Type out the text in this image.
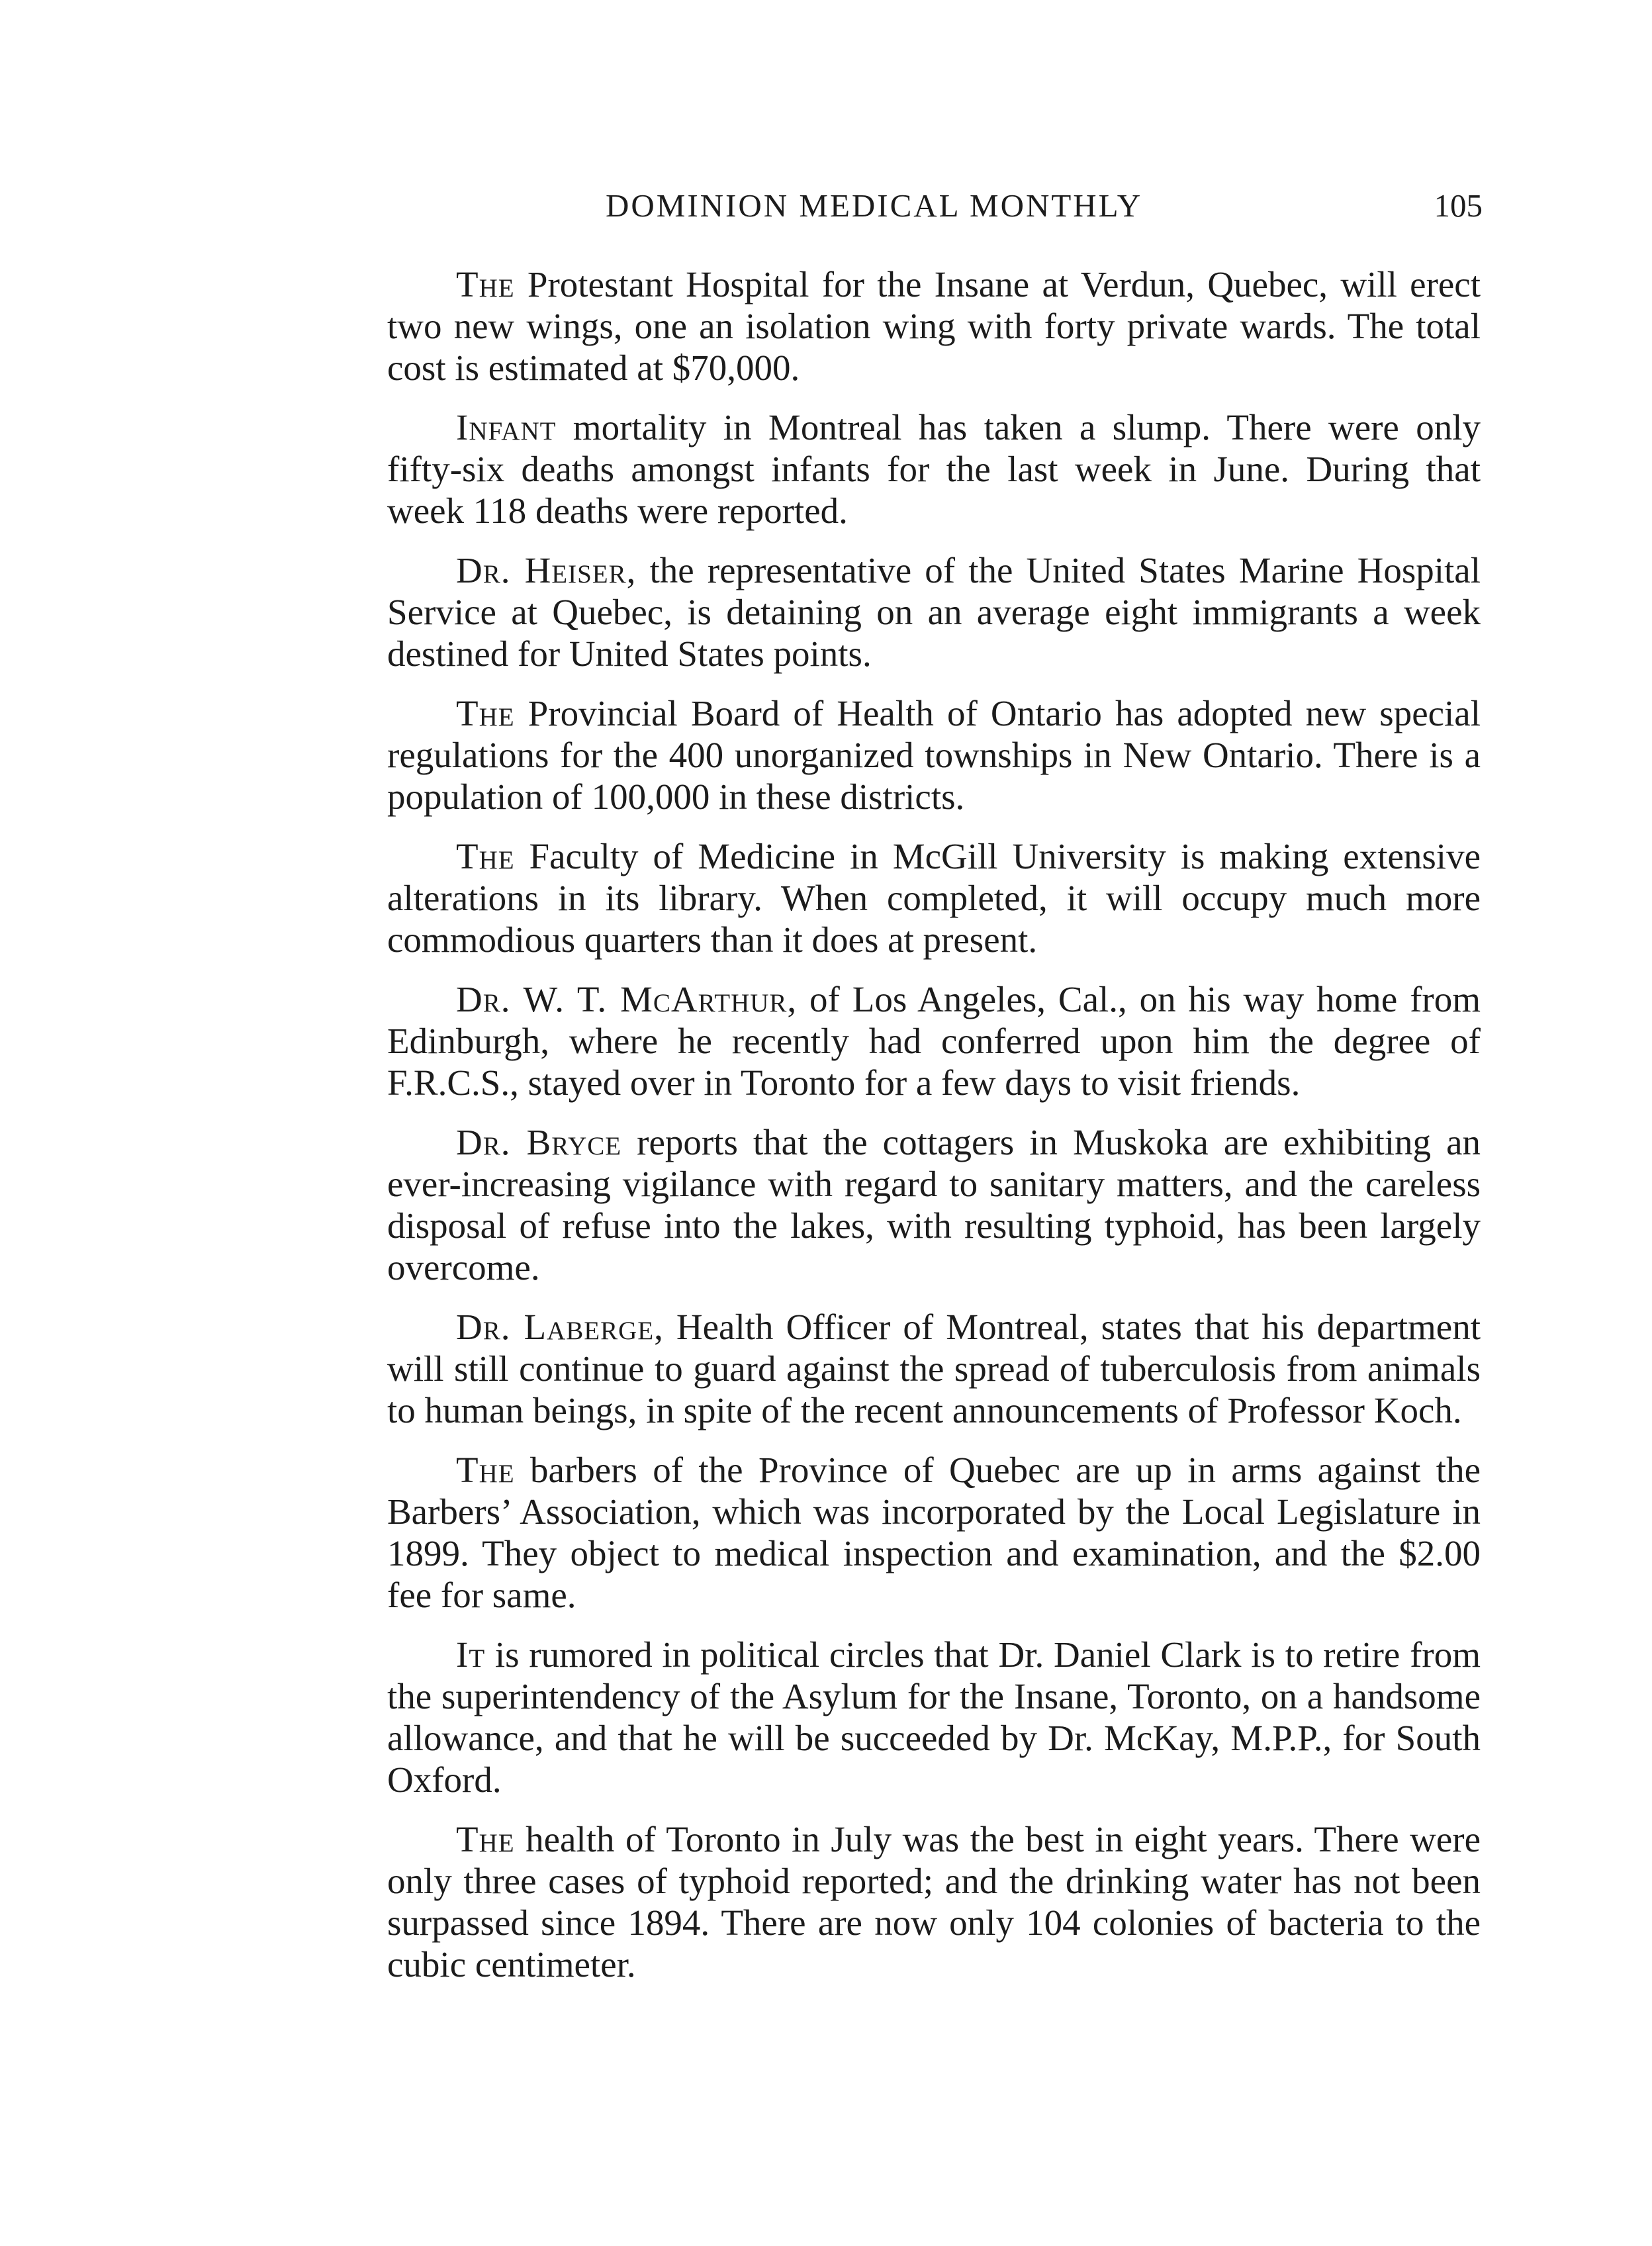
DOMINION MEDICAL MONTHLY	105

The Protestant Hospital for the Insane at Verdun, Quebec, will erect two new wings, one an isolation wing with forty private wards. The total cost is estimated at $70,000.

Infant mortality in Montreal has taken a slump. There were only fifty-six deaths amongst infants for the last week in June. During that week 118 deaths were reported.

Dr. Heiser, the representative of the United States Marine Hospital Service at Quebec, is detaining on an average eight immigrants a week destined for United States points.

The Provincial Board of Health of Ontario has adopted new special regulations for the 400 unorganized townships in New Ontario. There is a population of 100,000 in these districts.

The Faculty of Medicine in McGill University is making extensive alterations in its library. When completed, it will occupy much more commodious quarters than it does at present.

Dr. W. T. McArthur, of Los Angeles, Cal., on his way home from Edinburgh, where he recently had conferred upon him the degree of F.R.C.S., stayed over in Toronto for a few days to visit friends.

Dr. Bryce reports that the cottagers in Muskoka are exhibiting an ever-increasing vigilance with regard to sanitary matters, and the careless disposal of refuse into the lakes, with resulting typhoid, has been largely overcome.

Dr. Laberge, Health Officer of Montreal, states that his department will still continue to guard against the spread of tuberculosis from animals to human beings, in spite of the recent announcements of Professor Koch.

The barbers of the Province of Quebec are up in arms against the Barbers’ Association, which was incorporated by the Local Legislature in 1899. They object to medical inspection and examination, and the $2.00 fee for same.

It is rumored in political circles that Dr. Daniel Clark is to retire from the superintendency of the Asylum for the Insane, Toronto, on a handsome allowance, and that he will be succeeded by Dr. McKay, M.P.P., for South Oxford.

The health of Toronto in July was the best in eight years. There were only three cases of typhoid reported; and the drinking water has not been surpassed since 1894. There are now only 104 colonies of bacteria to the cubic centimeter.
